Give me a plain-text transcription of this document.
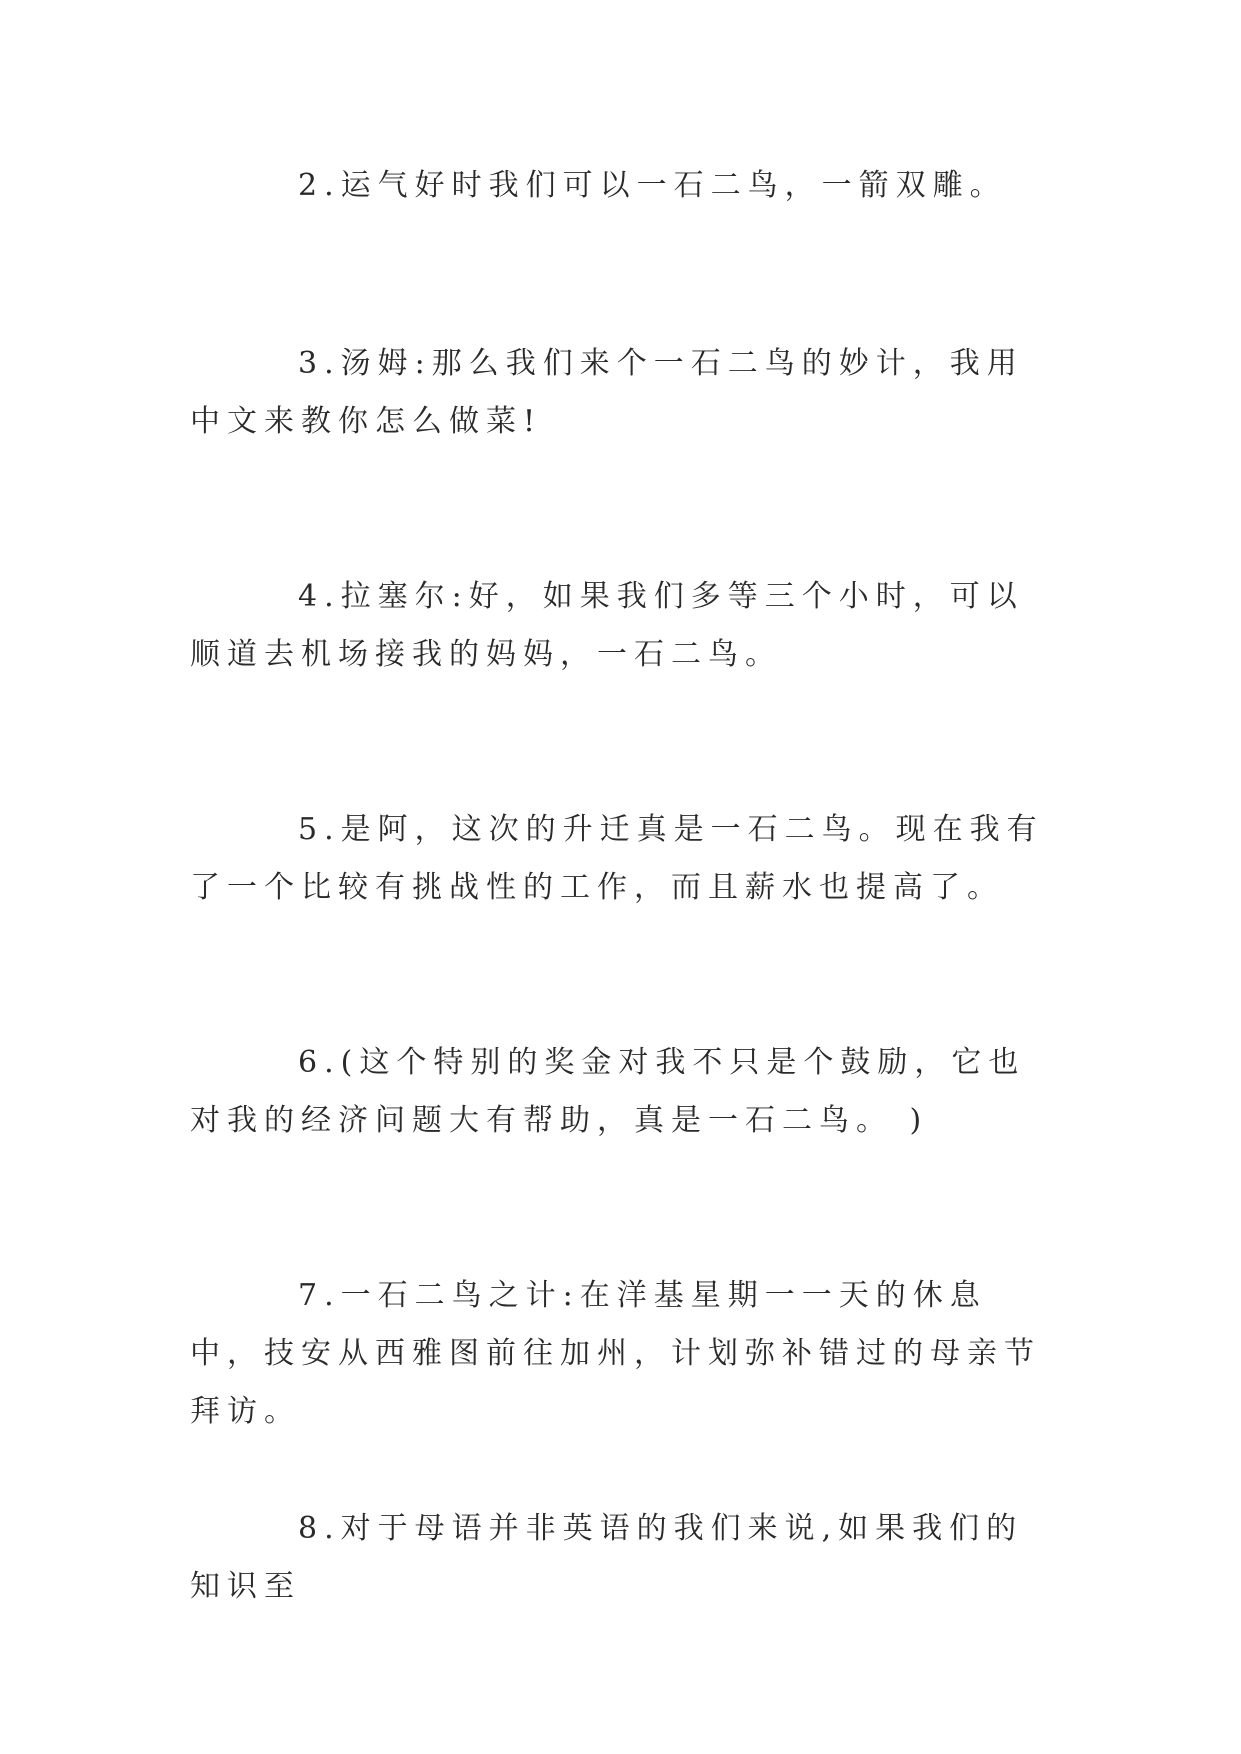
2.运气好时我们可以一石二鸟，一箭双雕。

3.汤姆:那么我们来个一石二鸟的妙计，我用中文来教你怎么做菜!

4.拉塞尔:好，如果我们多等三个小时，可以顺道去机场接我的妈妈，一石二鸟。

5.是阿，这次的升迁真是一石二鸟。现在我有了一个比较有挑战性的工作，而且薪水也提高了。

6.(这个特别的奖金对我不只是个鼓励，它也对我的经济问题大有帮助，真是一石二鸟。 )

7.一石二鸟之计:在洋基星期一一天的休息中，技安从西雅图前往加州，计划弥补错过的母亲节拜访。

8.对于母语并非英语的我们来说,如果我们的知识至
